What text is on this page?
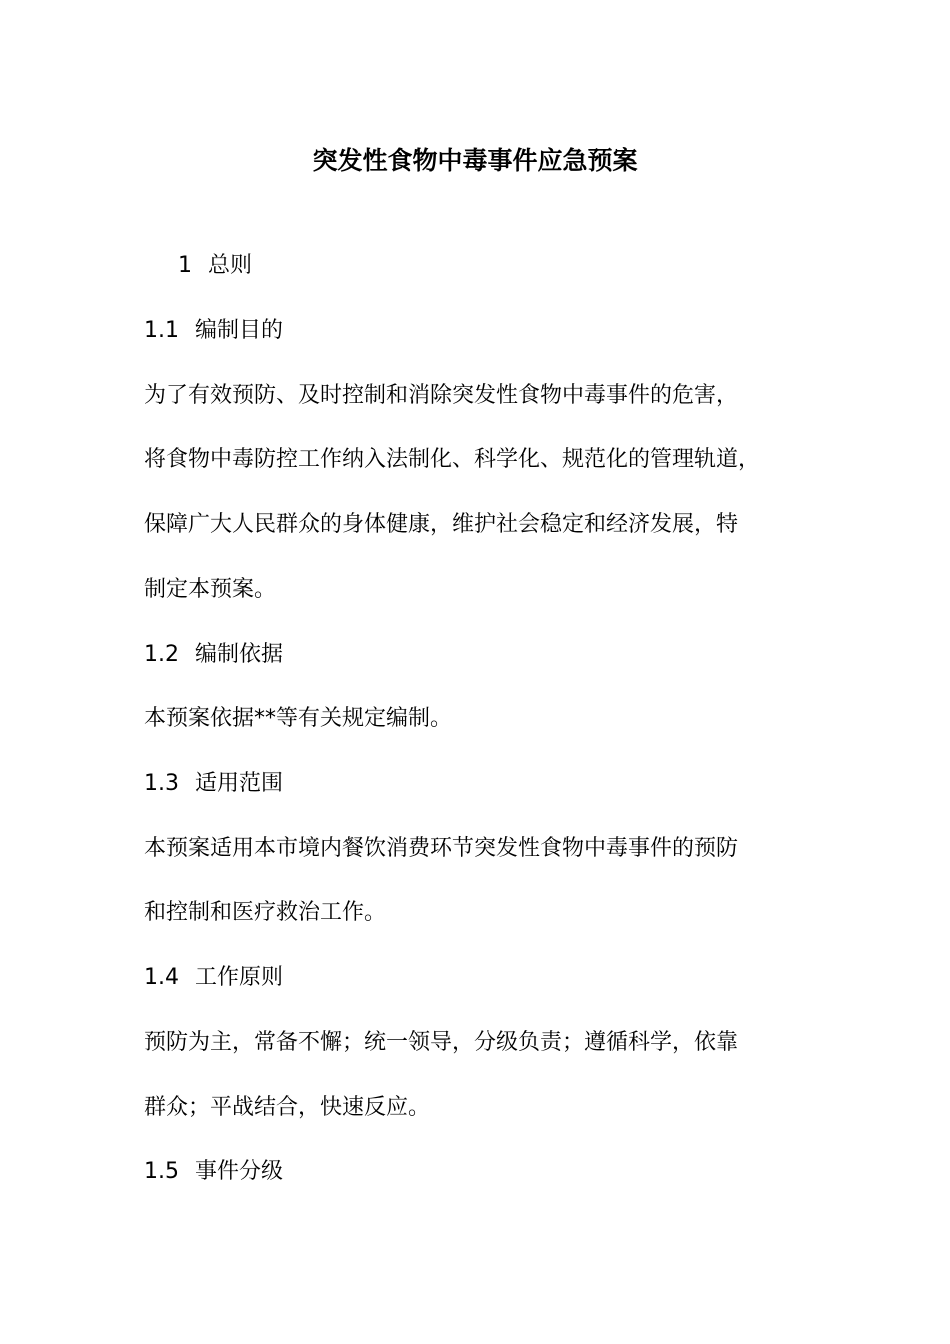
突发性食物中毒事件应急预案

1 总则

1.1 编制目的

为了有效预防、及时控制和消除突发性食物中毒事件的危害，

将食物中毒防控工作纳入法制化、科学化、规范化的管理轨道，

保障广大人民群众的身体健康，维护社会稳定和经济发展，特

制定本预案。

1.2 编制依据

本预案依据**等有关规定编制。

1.3 适用范围

本预案适用本市境内餐饮消费环节突发性食物中毒事件的预防

和控制和医疗救治工作。

1.4 工作原则

预防为主，常备不懈；统一领导，分级负责；遵循科学，依靠

群众；平战结合，快速反应。

1.5 事件分级
